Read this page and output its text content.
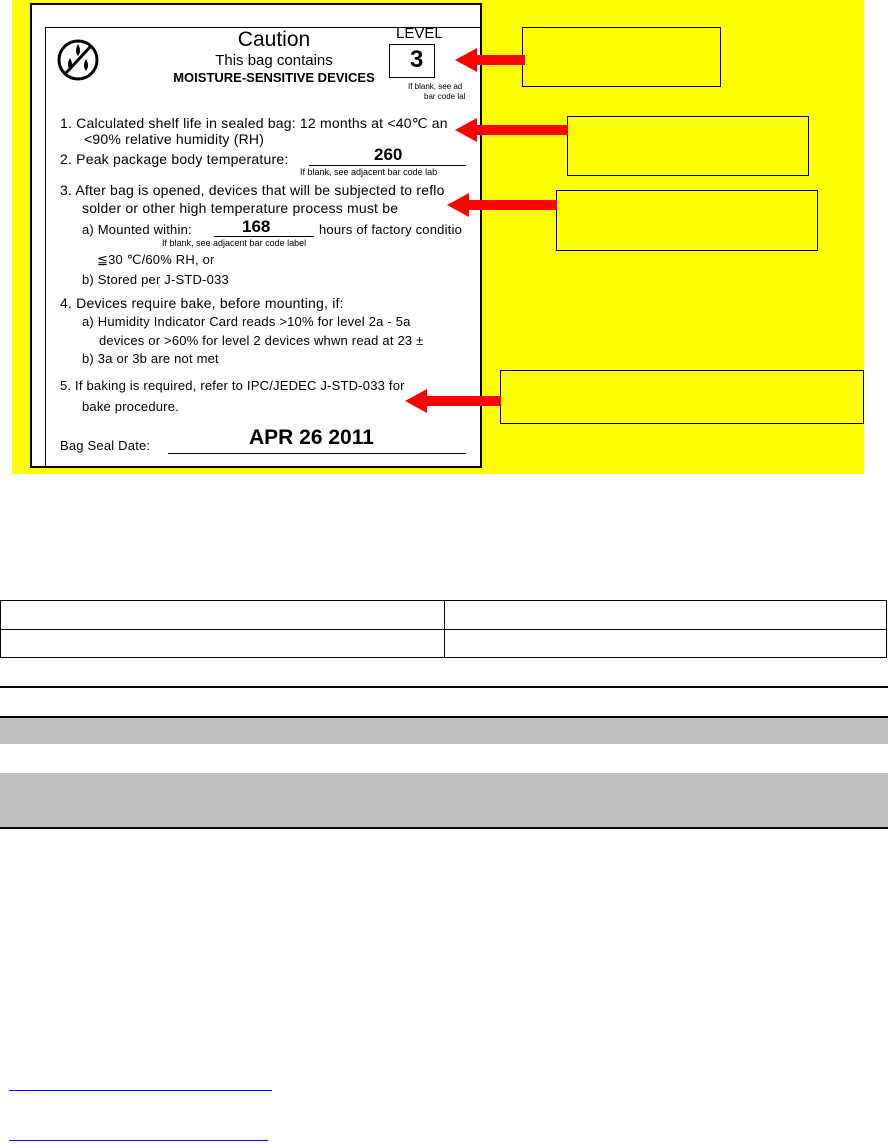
Caution
This bag contains
MOISTURE-SENSITIVE DEVICES
LEVEL
3
If blank, see ad
bar code lal
1. Calculated shelf life in sealed bag: 12 months at <40℃ an
<90% relative humidity (RH)
2. Peak package body temperature:	260
If blank, see adjacent bar code lab
3. After bag is opened, devices that will be subjected to reflo
solder or other high temperature process must be
a) Mounted within:	168	hours of factory conditio
If blank, see adjacent bar code label
≦30 ℃/60% RH, or
b) Stored per J-STD-033
4. Devices require bake, before mounting, if:
a) Humidity Indicator Card reads >10% for level 2a - 5a
devices or >60% for level 2 devices whwn read at 23 ±
b) 3a or 3b are not met
5. If baking is required, refer to IPC/JEDEC J-STD-033 for
bake procedure.
Bag Seal Date:	APR 26 2011
